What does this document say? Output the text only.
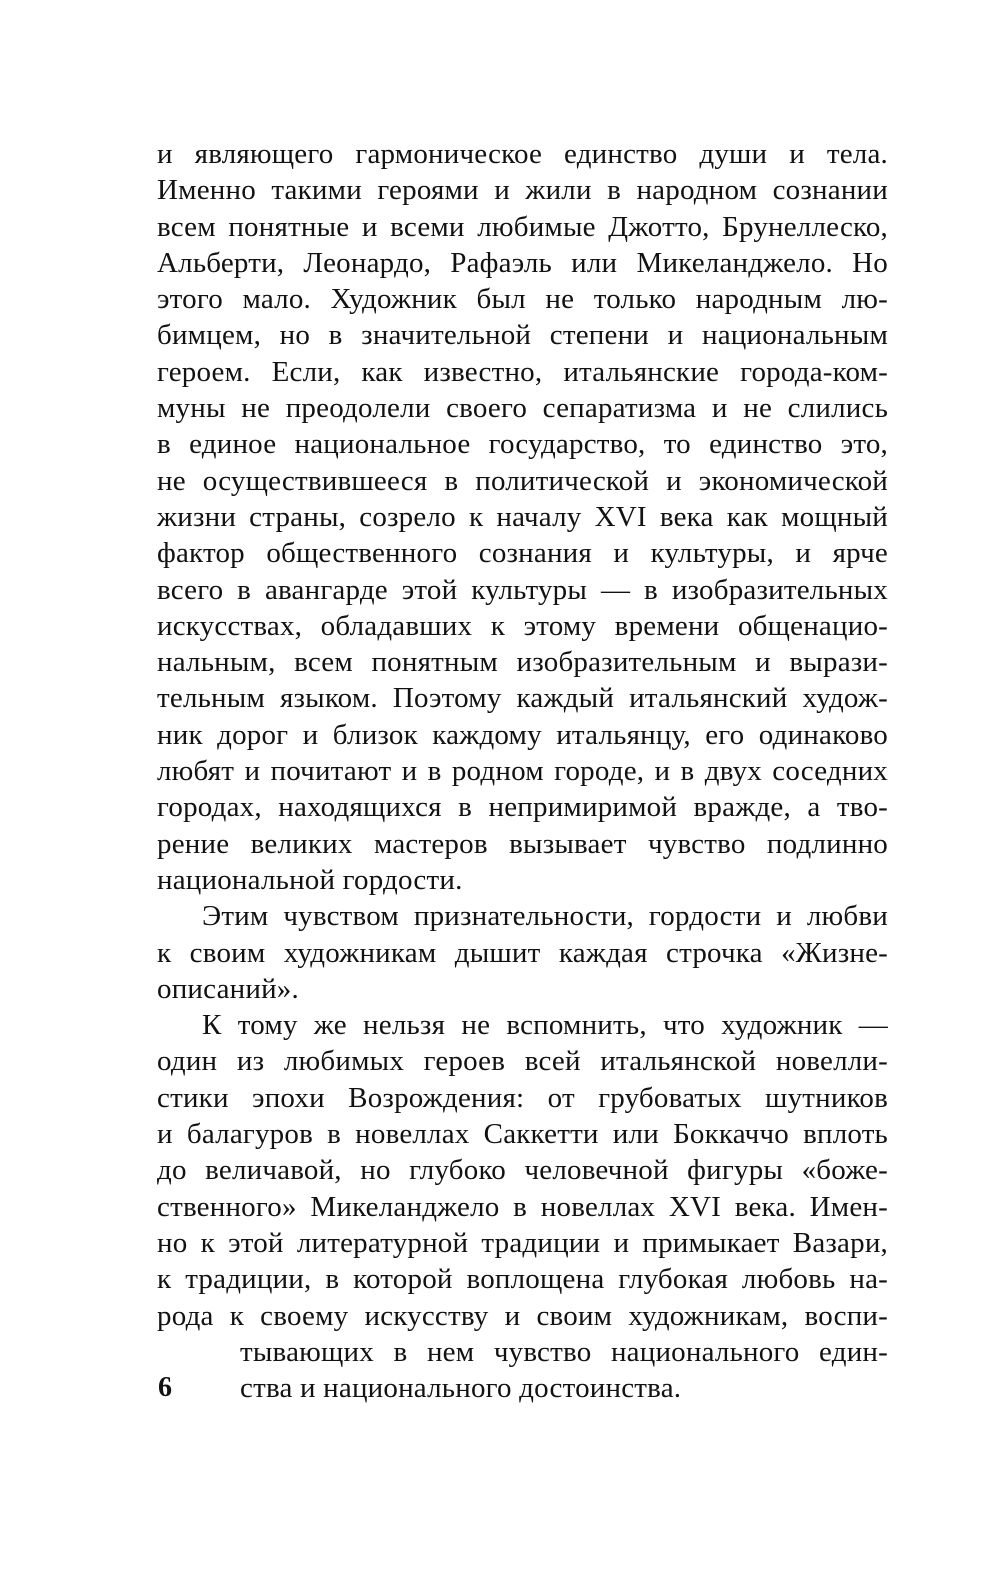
и являющего гармоническое единство души и тела.
Именно такими героями и жили в народном сознании
всем понятные и всеми любимые Джотто, Брунеллеско,
Альберти, Леонардо, Рафаэль или Микеланджело. Но
этого мало. Художник был не только народным лю-
бимцем, но в значительной степени и национальным
героем. Если, как известно, итальянские города-ком-
муны не преодолели своего сепаратизма и не слились
в единое национальное государство, то единство это,
не осуществившееся в политической и экономической
жизни страны, созрело к началу XVI века как мощный
фактор общественного сознания и культуры, и ярче
всего в авангарде этой культуры — в изобразительных
искусствах, обладавших к этому времени общенацио-
нальным, всем понятным изобразительным и вырази-
тельным языком. Поэтому каждый итальянский худож-
ник дорог и близок каждому итальянцу, его одинаково
любят и почитают и в родном городе, и в двух соседних
городах, находящихся в непримиримой вражде, а тво-
рение великих мастеров вызывает чувство подлинно
национальной гордости.
Этим чувством признательности, гордости и любви
к своим художникам дышит каждая строчка «Жизне-
описаний».
К тому же нельзя не вспомнить, что художник —
один из любимых героев всей итальянской новелли-
стики эпохи Возрождения: от грубоватых шутников
и балагуров в новеллах Саккетти или Боккаччо вплоть
до величавой, но глубоко человечной фигуры «боже-
ственного» Микеланджело в новеллах XVI века. Имен-
но к этой литературной традиции и примыкает Вазари,
к традиции, в которой воплощена глубокая любовь на-
рода к своему искусству и своим художникам, воспи-
тывающих в нем чувство национального един-
ства и национального достоинства.
6
